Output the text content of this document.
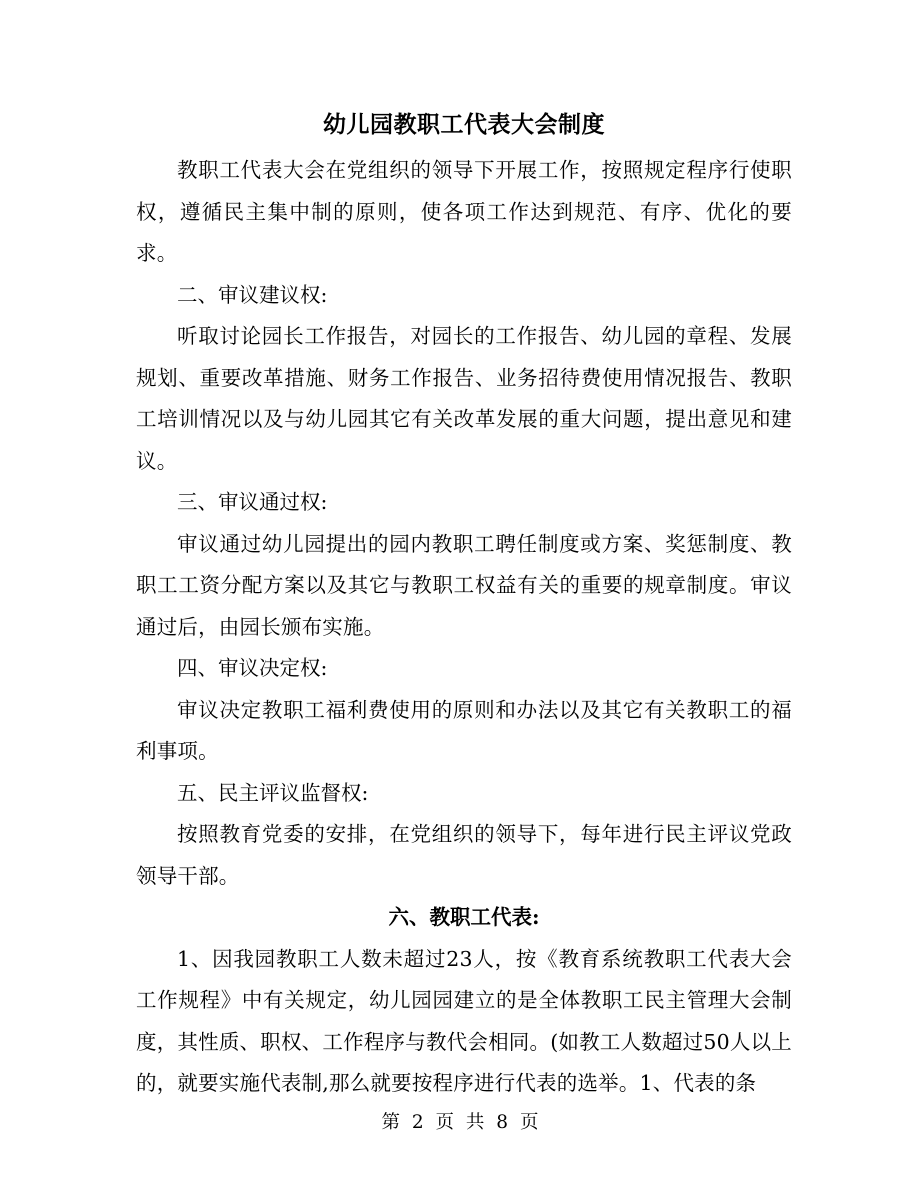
幼儿园教职工代表大会制度

教职工代表大会在党组织的领导下开展工作，按照规定程序行使职权，遵循民主集中制的原则，使各项工作达到规范、有序、优化的要求。

二、审议建议权:

听取讨论园长工作报告，对园长的工作报告、幼儿园的章程、发展规划、重要改革措施、财务工作报告、业务招待费使用情况报告、教职工培训情况以及与幼儿园其它有关改革发展的重大问题，提出意见和建议。

三、审议通过权:

审议通过幼儿园提出的园内教职工聘任制度或方案、奖惩制度、教职工工资分配方案以及其它与教职工权益有关的重要的规章制度。审议通过后，由园长颁布实施。

四、审议决定权:

审议决定教职工福利费使用的原则和办法以及其它有关教职工的福利事项。

五、民主评议监督权:

按照教育党委的安排，在党组织的领导下，每年进行民主评议党政领导干部。

六、教职工代表:

1、因我园教职工人数未超过23人，按《教育系统教职工代表大会工作规程》中有关规定，幼儿园园建立的是全体教职工民主管理大会制度，其性质、职权、工作程序与教代会相同。(如教工人数超过50人以上的，就要实施代表制,那么就要按程序进行代表的选举。1、代表的条

第 2 页 共 8 页
